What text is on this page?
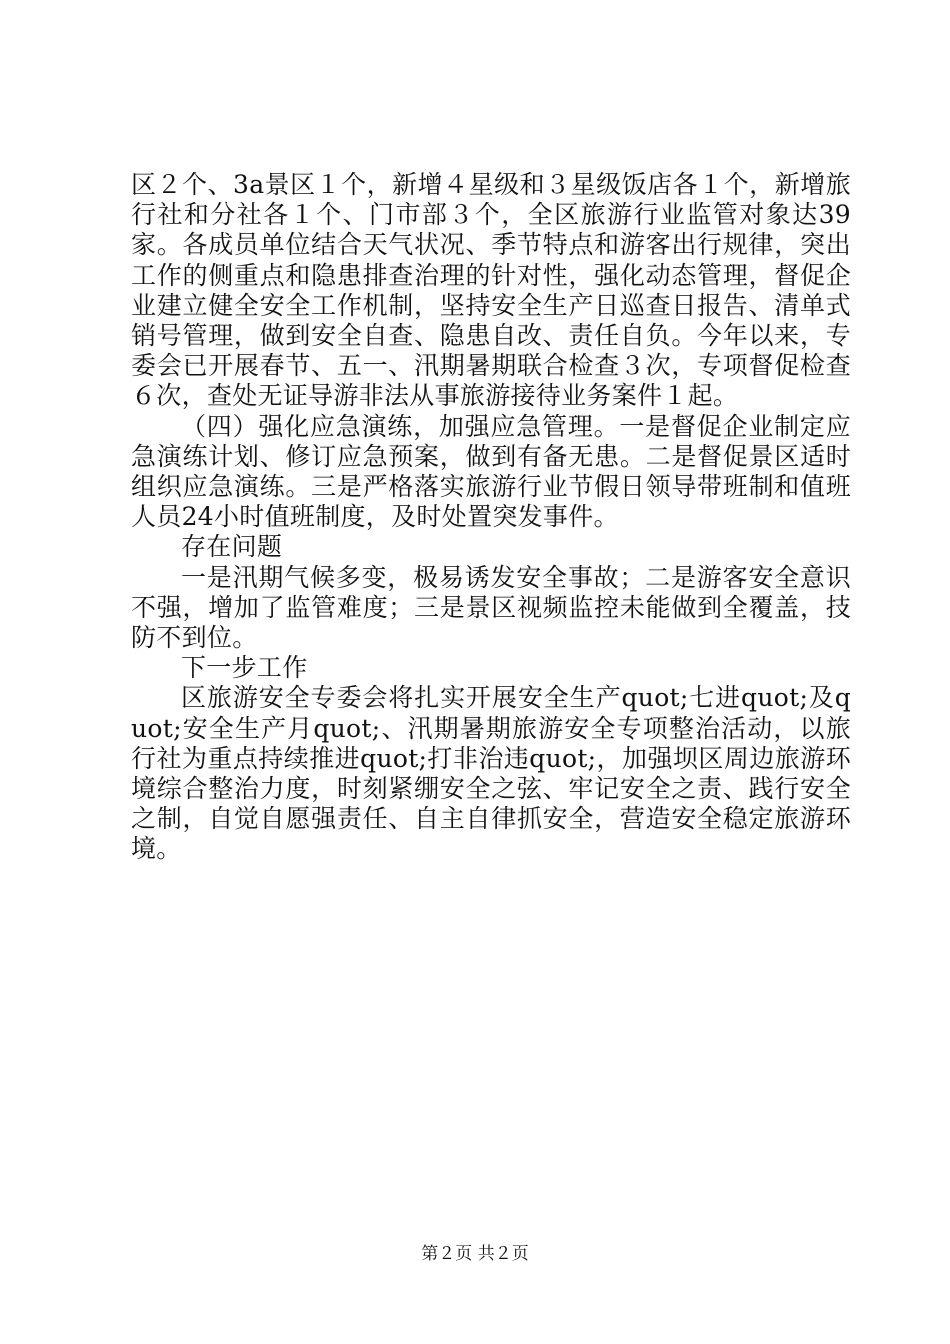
区２个、3a景区１个，新增４星级和３星级饭店各１个，新增旅行社和分社各１个、门市部３个，全区旅游行业监管对象达39家。各成员单位结合天气状况、季节特点和游客出行规律，突出工作的侧重点和隐患排查治理的针对性，强化动态管理，督促企业建立健全安全工作机制，坚持安全生产日巡查日报告、清单式销号管理，做到安全自查、隐患自改、责任自负。今年以来，专委会已开展春节、五一、汛期暑期联合检查３次，专项督促检查６次，查处无证导游非法从事旅游接待业务案件１起。

（四）强化应急演练，加强应急管理。一是督促企业制定应急演练计划、修订应急预案，做到有备无患。二是督促景区适时组织应急演练。三是严格落实旅游行业节假日领导带班制和值班人员24小时值班制度，及时处置突发事件。

存在问题

一是汛期气候多变，极易诱发安全事故；二是游客安全意识不强，增加了监管难度；三是景区视频监控未能做到全覆盖，技防不到位。

下一步工作

区旅游安全专委会将扎实开展安全生产quot;七进quot;及quot;安全生产月quot;、汛期暑期旅游安全专项整治活动，以旅行社为重点持续推进quot;打非治违quot;，加强坝区周边旅游环境综合整治力度，时刻紧绷安全之弦、牢记安全之责、践行安全之制，自觉自愿强责任、自主自律抓安全，营造安全稳定旅游环境。

第２页 共２页
